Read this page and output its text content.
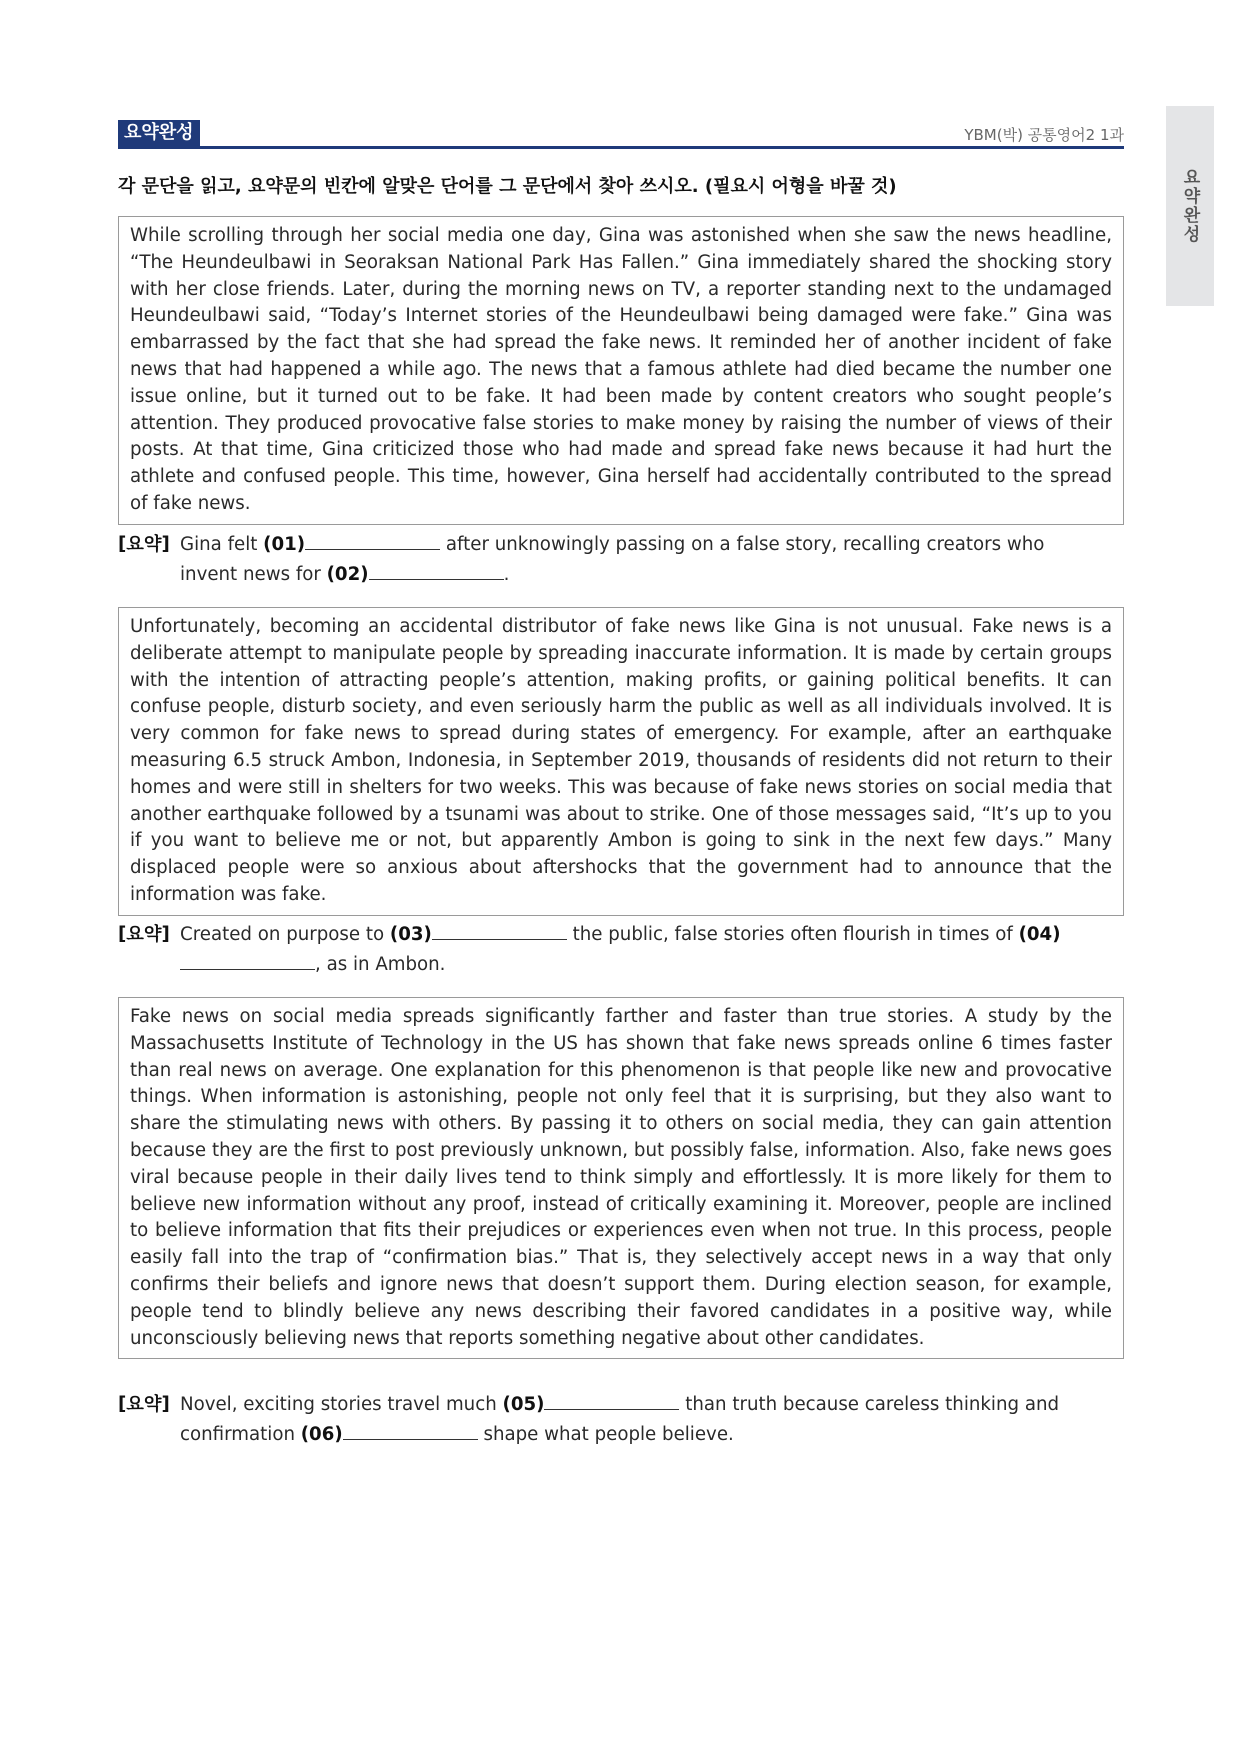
요약완성
요약완성	YBM(박) 공통영어2 1과
각 문단을 읽고, 요약문의 빈칸에 알맞은 단어를 그 문단에서 찾아 쓰시오. (필요시 어형을 바꿀 것)

While scrolling through her social media one day, Gina was astonished when she saw the news headline, “The Heundeulbawi in Seoraksan National Park Has Fallen.” Gina immediately shared the shocking story with her close friends. Later, during the morning news on TV, a reporter standing next to the undamaged Heundeulbawi said, “Today’s Internet stories of the Heundeulbawi being damaged were fake.” Gina was embarrassed by the fact that she had spread the fake news. It reminded her of another incident of fake news that had happened a while ago. The news that a famous athlete had died became the number one issue online, but it turned out to be fake. It had been made by content creators who sought people’s attention. They produced provocative false stories to make money by raising the number of views of their posts. At that time, Gina criticized those who had made and spread fake news because it had hurt the athlete and confused people. This time, however, Gina herself had accidentally contributed to the spread of fake news.

[요약] Gina felt (01)	after unknowingly passing on a false story, recalling creators who invent news for (02)	.

Unfortunately, becoming an accidental distributor of fake news like Gina is not unusual. Fake news is a deliberate attempt to manipulate people by spreading inaccurate information. It is made by certain groups with the intention of attracting people’s attention, making profits, or gaining political benefits. It can confuse people, disturb society, and even seriously harm the public as well as all individuals involved. It is very common for fake news to spread during states of emergency. For example, after an earthquake measuring 6.5 struck Ambon, Indonesia, in September 2019, thousands of residents did not return to their homes and were still in shelters for two weeks. This was because of fake news stories on social media that another earthquake followed by a tsunami was about to strike. One of those messages said, “It’s up to you if you want to believe me or not, but apparently Ambon is going to sink in the next few days.” Many displaced people were so anxious about aftershocks that the government had to announce that the information was fake.

[요약] Created on purpose to (03)	the public, false stories often flourish in times of (04), as in Ambon.

Fake news on social media spreads significantly farther and faster than true stories. A study by the Massachusetts Institute of Technology in the US has shown that fake news spreads online 6 times faster than real news on average. One explanation for this phenomenon is that people like new and provocative things. When information is astonishing, people not only feel that it is surprising, but they also want to share the stimulating news with others. By passing it to others on social media, they can gain attention because they are the first to post previously unknown, but possibly false, information. Also, fake news goes viral because people in their daily lives tend to think simply and effortlessly. It is more likely for them to believe new information without any proof, instead of critically examining it. Moreover, people are inclined to believe information that fits their prejudices or experiences even when not true. In this process, people easily fall into the trap of “confirmation bias.” That is, they selectively accept news in a way that only confirms their beliefs and ignore news that doesn’t support them. During election season, for example, people tend to blindly believe any news describing their favored candidates in a positive way, while unconsciously believing news that reports something negative about other candidates.

[요약] Novel, exciting stories travel much (05)	than truth because careless thinking and confirmation (06)	shape what people believe.
